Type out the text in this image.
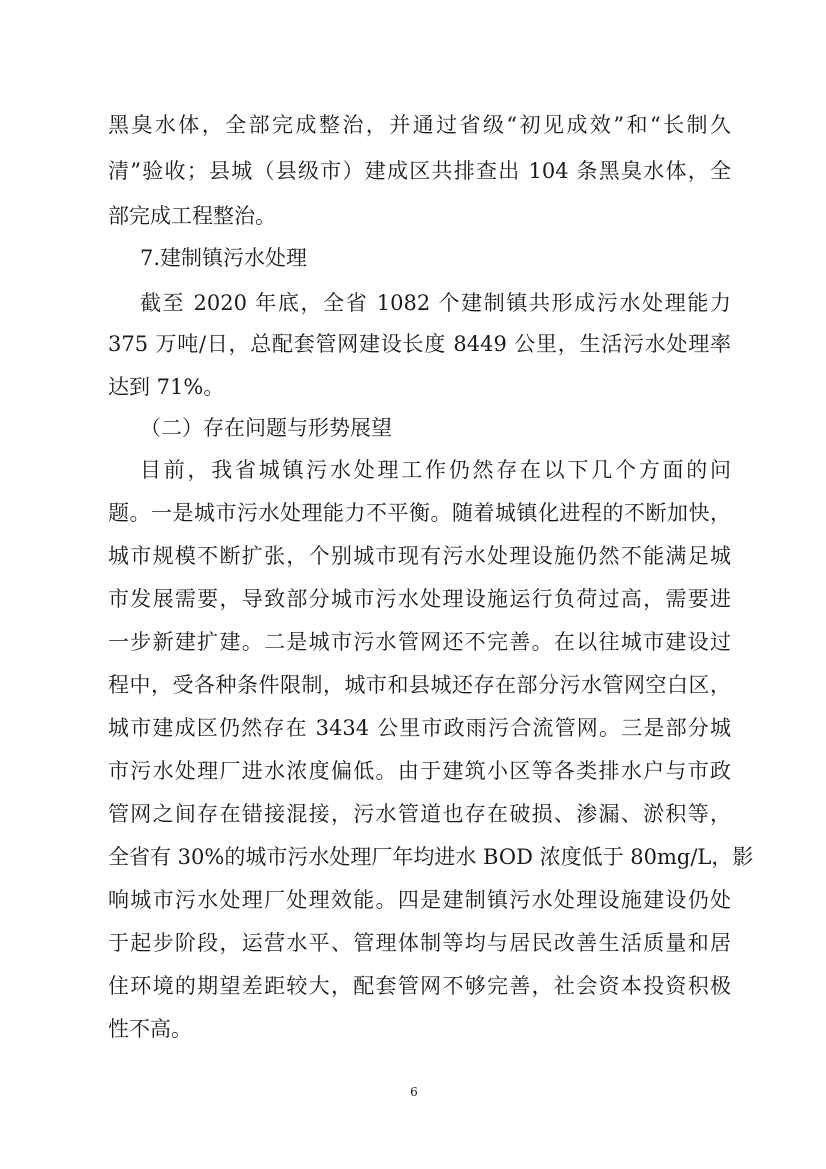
黑臭水体，全部完成整治，并通过省级“初见成效”和“长制久
清”验收；县城（县级市）建成区共排查出 104 条黑臭水体，全
部完成工程整治。
7.建制镇污水处理
截至 2020 年底，全省 1082 个建制镇共形成污水处理能力
375 万吨/日，总配套管网建设长度 8449 公里，生活污水处理率
达到 71%。
（二）存在问题与形势展望
目前，我省城镇污水处理工作仍然存在以下几个方面的问
题。一是城市污水处理能力不平衡。随着城镇化进程的不断加快，
城市规模不断扩张，个别城市现有污水处理设施仍然不能满足城
市发展需要，导致部分城市污水处理设施运行负荷过高，需要进
一步新建扩建。二是城市污水管网还不完善。在以往城市建设过
程中，受各种条件限制，城市和县城还存在部分污水管网空白区，
城市建成区仍然存在 3434 公里市政雨污合流管网。三是部分城
市污水处理厂进水浓度偏低。由于建筑小区等各类排水户与市政
管网之间存在错接混接，污水管道也存在破损、渗漏、淤积等，
全省有 30%的城市污水处理厂年均进水 BOD 浓度低于 80mg/L，影
响城市污水处理厂处理效能。四是建制镇污水处理设施建设仍处
于起步阶段，运营水平、管理体制等均与居民改善生活质量和居
住环境的期望差距较大，配套管网不够完善，社会资本投资积极
性不高。
6
